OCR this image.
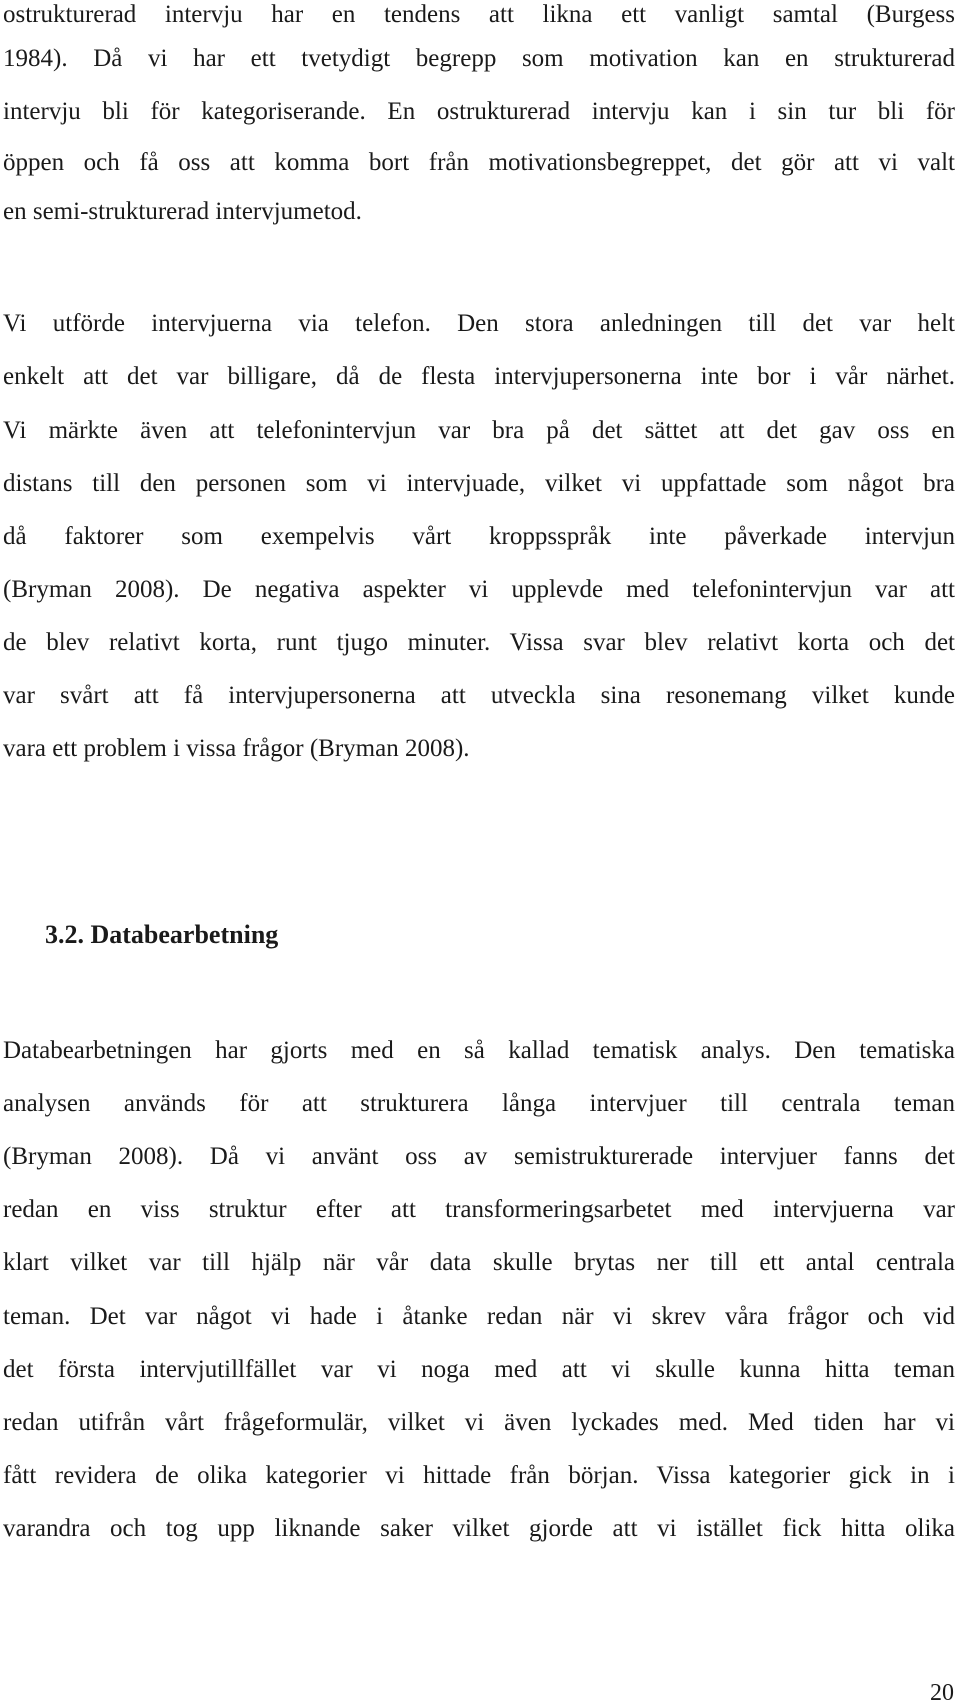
ostrukturerad intervju har en tendens att likna ett vanligt samtal (Burgess
1984). Då vi har ett tvetydigt begrepp som motivation kan en strukturerad
intervju bli för kategoriserande. En ostrukturerad intervju kan i sin tur bli för
öppen och få oss att komma bort från motivationsbegreppet, det gör att vi valt
en semi-strukturerad intervjumetod.
Vi utförde intervjuerna via telefon. Den stora anledningen till det var helt
enkelt att det var billigare, då de flesta intervjupersonerna inte bor i vår närhet.
Vi märkte även att telefonintervjun var bra på det sättet att det gav oss en
distans till den personen som vi intervjuade, vilket vi uppfattade som något bra
då faktorer som exempelvis vårt kroppsspråk inte påverkade intervjun
(Bryman 2008). De negativa aspekter vi upplevde med telefonintervjun var att
de blev relativt korta, runt tjugo minuter. Vissa svar blev relativt korta och det
var svårt att få intervjupersonerna att utveckla sina resonemang vilket kunde
vara ett problem i vissa frågor (Bryman 2008).
3.2. Databearbetning
Databearbetningen har gjorts med en så kallad tematisk analys. Den tematiska
analysen används för att strukturera långa intervjuer till centrala teman
(Bryman 2008). Då vi använt oss av semistrukturerade intervjuer fanns det
redan en viss struktur efter att transformeringsarbetet med intervjuerna var
klart vilket var till hjälp när vår data skulle brytas ner till ett antal centrala
teman. Det var något vi hade i åtanke redan när vi skrev våra frågor och vid
det första intervjutillfället var vi noga med att vi skulle kunna hitta teman
redan utifrån vårt frågeformulär, vilket vi även lyckades med. Med tiden har vi
fått revidera de olika kategorier vi hittade från början. Vissa kategorier gick in i
varandra och tog upp liknande saker vilket gjorde att vi istället fick hitta olika
20
